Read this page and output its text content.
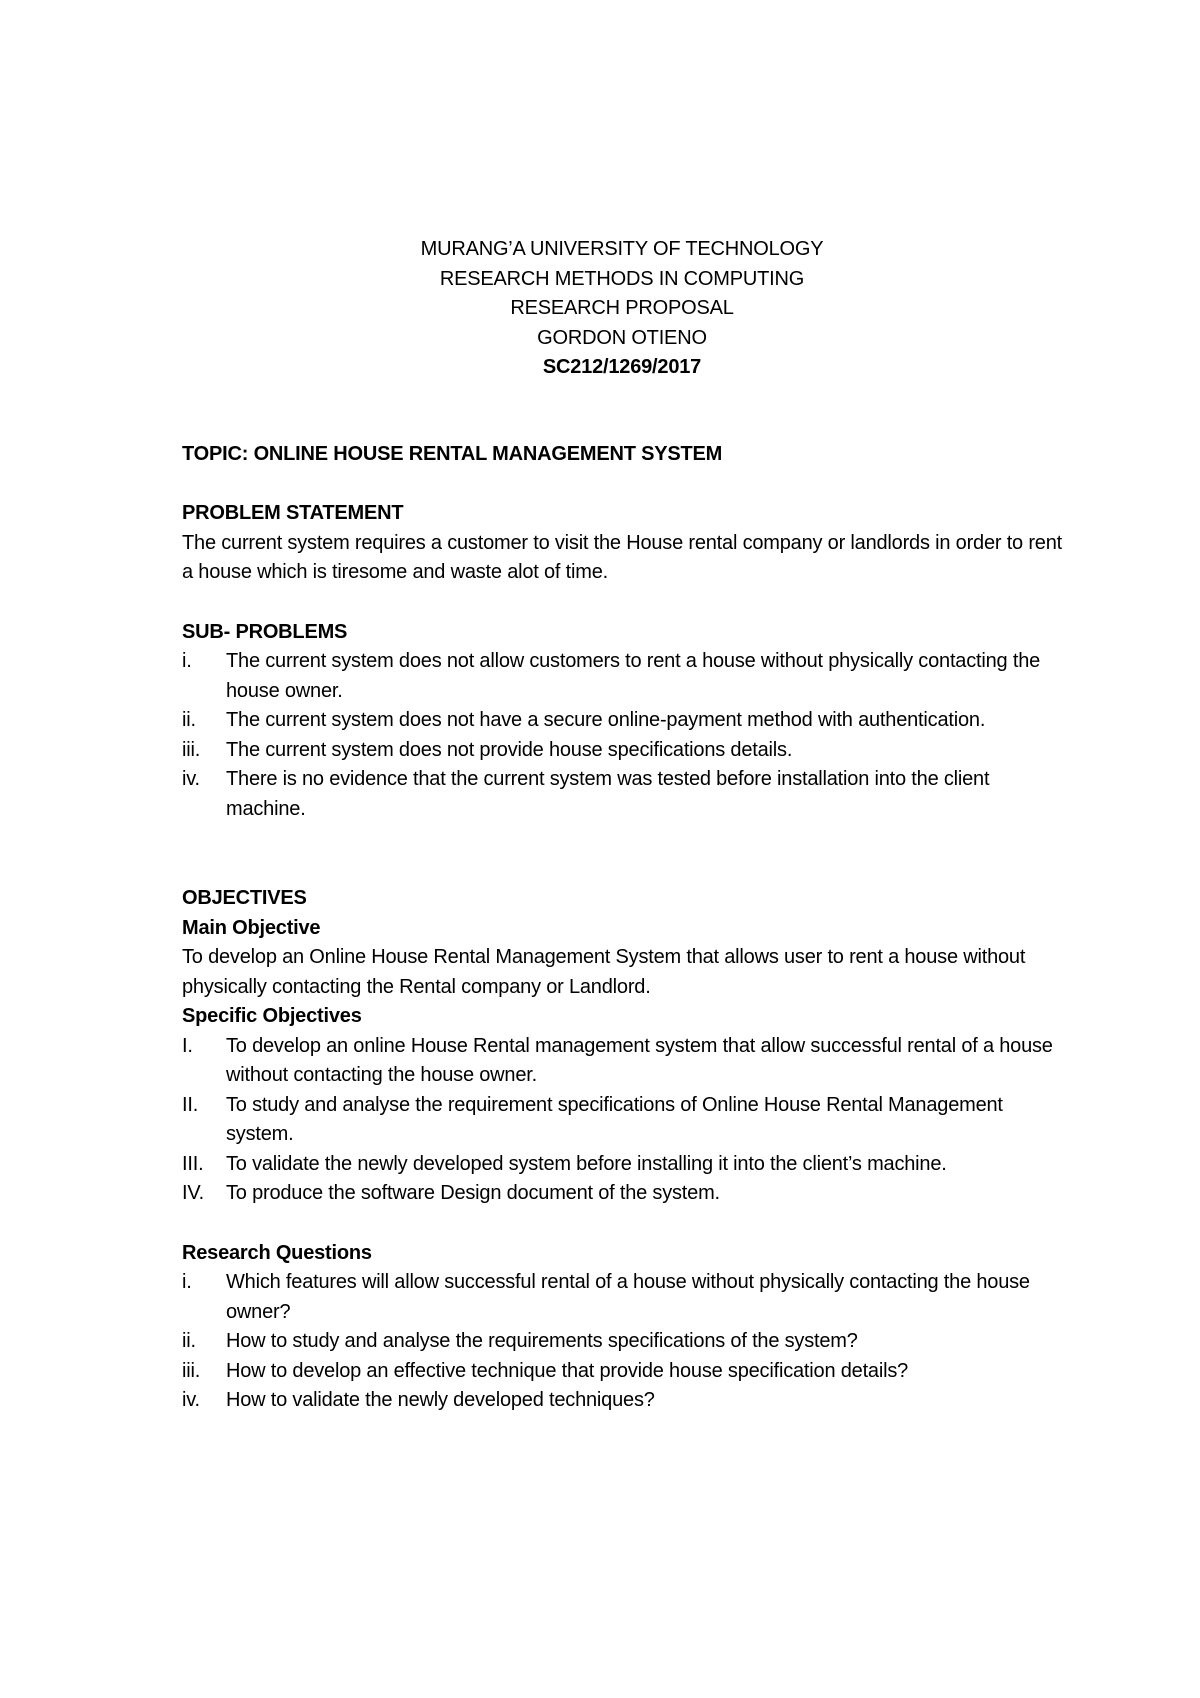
MURANG’A UNIVERSITY OF TECHNOLOGY
RESEARCH METHODS IN COMPUTING
RESEARCH PROPOSAL
GORDON OTIENO
SC212/1269/2017
TOPIC: ONLINE HOUSE RENTAL MANAGEMENT SYSTEM
PROBLEM STATEMENT

The current system requires a customer to visit the House rental company or landlords in order to rent a house which is tiresome and waste alot of time.

SUB- PROBLEMS
i.	The current system does not allow customers to rent a house without physically contacting the house owner.
ii.	The current system does not have a secure online-payment method with authentication.
iii.	The current system does not provide house specifications details.
iv.	There is no evidence that the current system was tested before installation into the client machine.
OBJECTIVES
Main Objective

To develop an Online House Rental Management System that allows user to rent a house without physically contacting the Rental company or Landlord.

Specific Objectives
I.	To develop an online House Rental management system that allow successful rental of a house without contacting the house owner.
II.	To study and analyse the requirement specifications of Online House Rental Management system.
III.	To validate the newly developed system before installing it into the client’s machine.
IV.	To produce the software Design document of the system.
Research Questions
i.	Which features will allow successful rental of a house without physically contacting the house owner?
ii.	How to study and analyse the requirements specifications of the system?
iii.	How to develop an effective technique that provide house specification details?
iv.	How to validate the newly developed techniques?
